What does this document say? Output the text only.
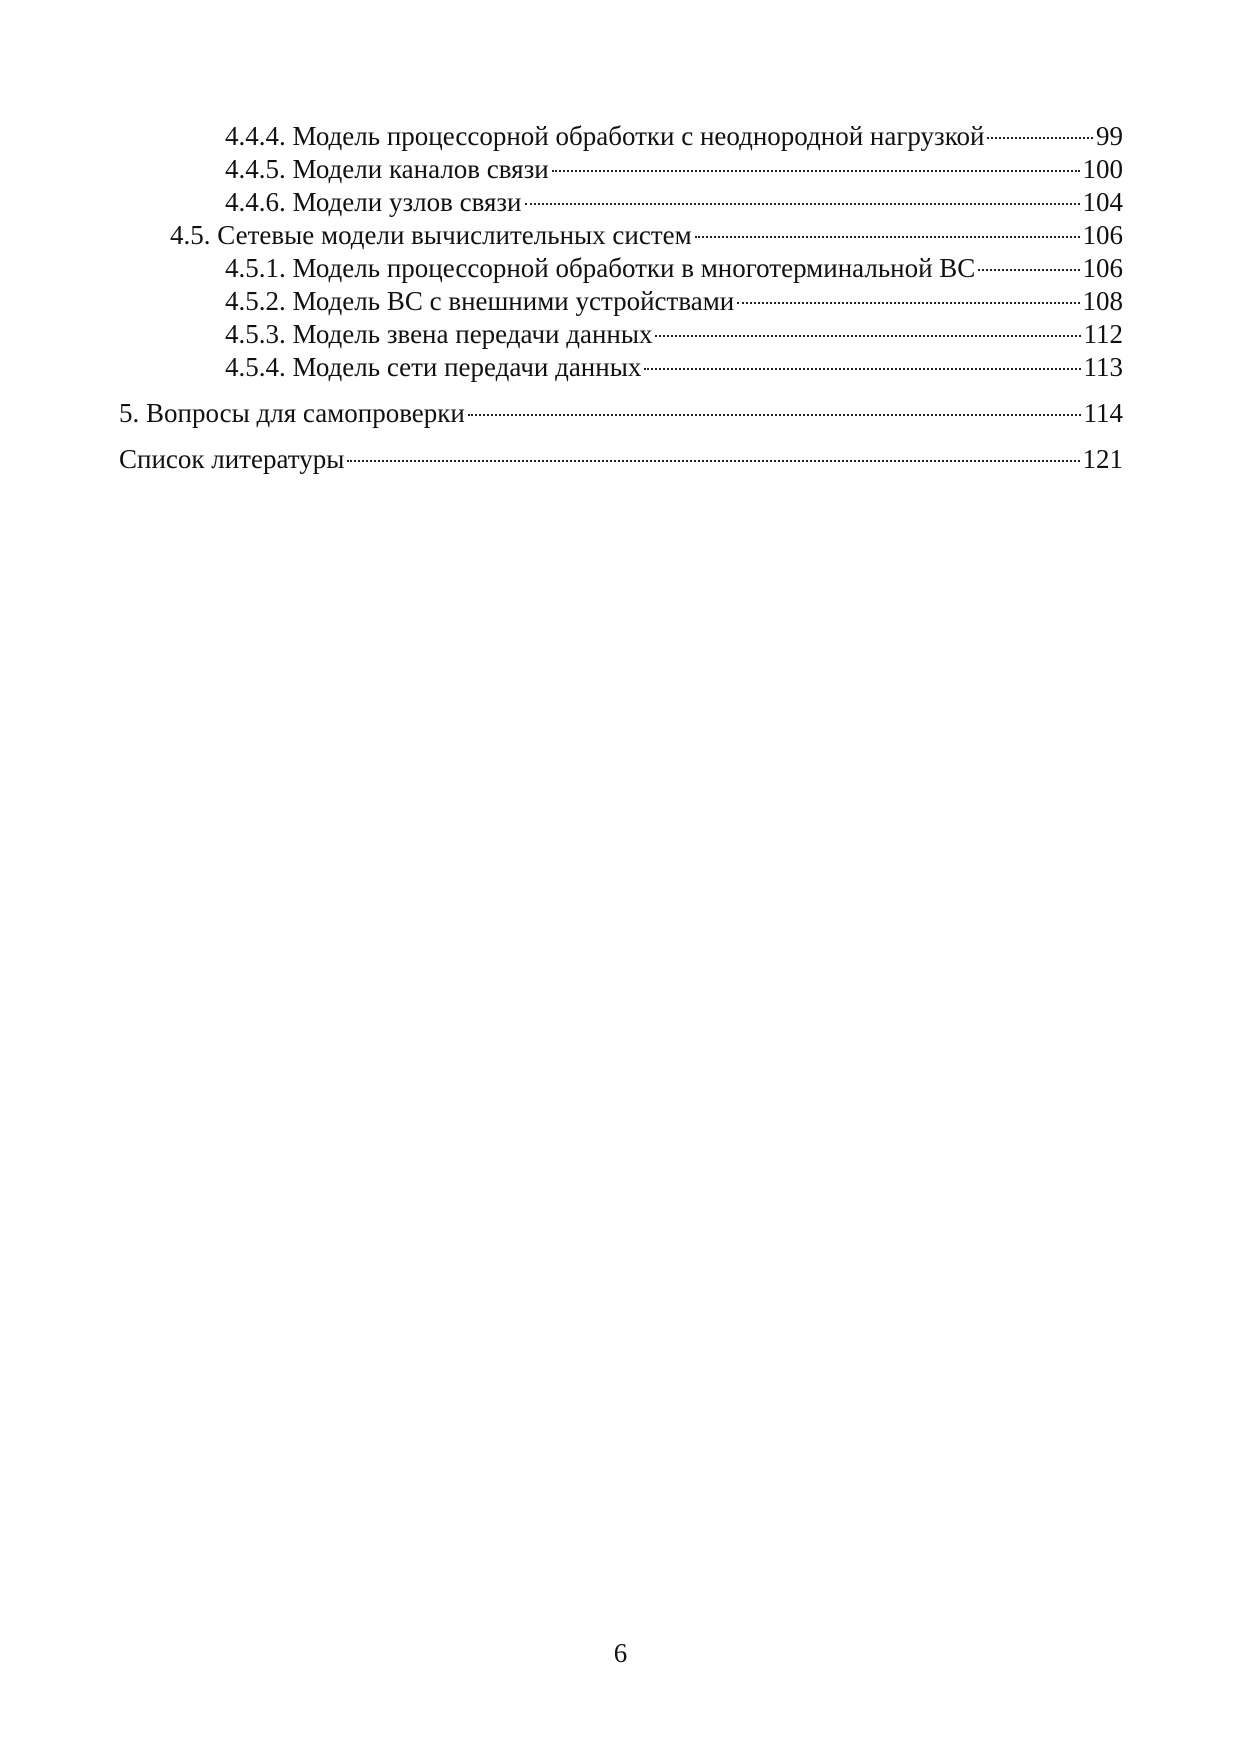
4.4.4. Модель процессорной обработки с неоднородной нагрузкой	99
4.4.5. Модели каналов связи	100
4.4.6. Модели узлов связи	104
4.5. Сетевые модели вычислительных систем	106
4.5.1. Модель процессорной обработки в многотерминальной ВС	106
4.5.2. Модель ВС с внешними устройствами	108
4.5.3. Модель звена передачи данных	112
4.5.4. Модель сети передачи данных	113
5. Вопросы для самопроверки	114
Список литературы	121
6
